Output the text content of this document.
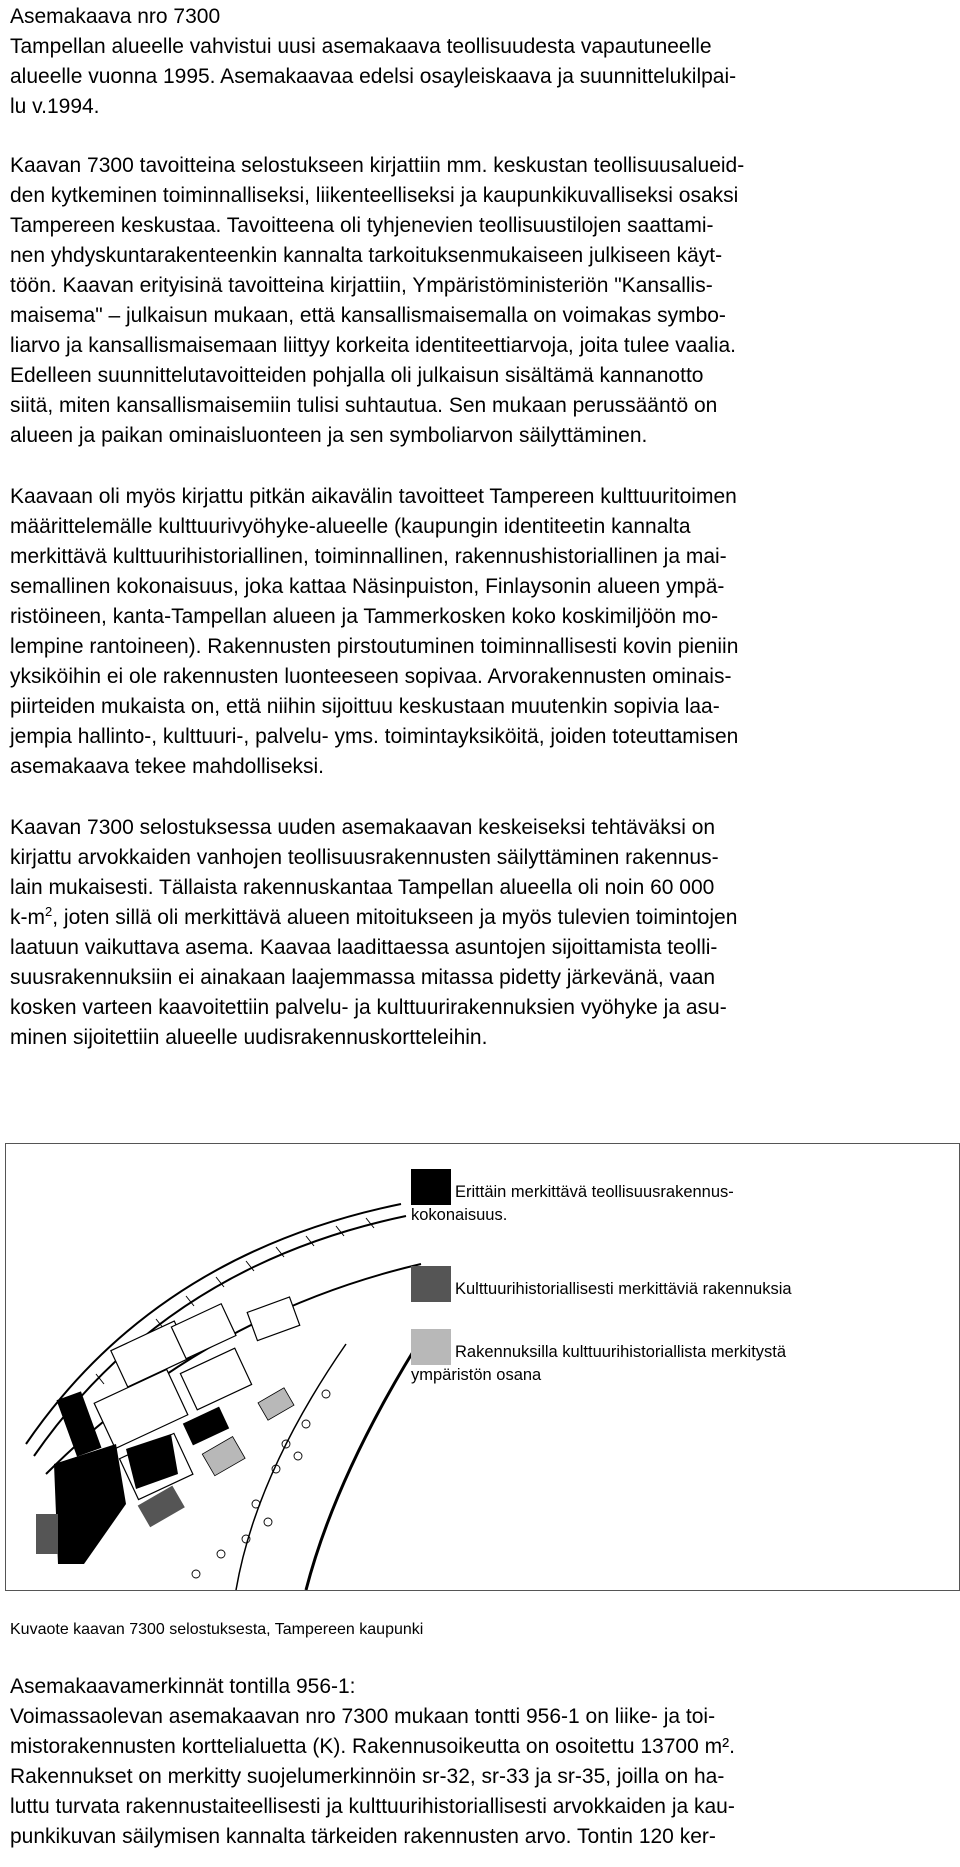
Asemakaava nro 7300

Tampellan alueelle vahvistui uusi asemakaava teollisuudesta vapautuneelle

alueelle vuonna 1995. Asemakaavaa edelsi osayleiskaava ja suunnittelukilpai-

lu v.1994.

Kaavan 7300 tavoitteina selostukseen kirjattiin mm. keskustan teollisuusalueid-

den kytkeminen toiminnalliseksi, liikenteelliseksi ja kaupunkikuvalliseksi osaksi

Tampereen keskustaa. Tavoitteena oli tyhjenevien teollisuustilojen saattami-

nen yhdyskuntarakenteenkin kannalta tarkoituksenmukaiseen julkiseen käyt-

töön. Kaavan erityisinä tavoitteina kirjattiin, Ympäristöministeriön "Kansallis-

maisema" – julkaisun mukaan, että kansallismaisemalla on voimakas symbo-

liarvo ja kansallismaisemaan liittyy korkeita identiteettiarvoja, joita tulee vaalia.

Edelleen suunnittelutavoitteiden pohjalla oli julkaisun sisältämä kannanotto

siitä, miten kansallismaisemiin tulisi suhtautua. Sen mukaan perussääntö on

alueen ja paikan ominaisluonteen ja sen symboliarvon säilyttäminen.

Kaavaan oli myös kirjattu pitkän aikavälin tavoitteet Tampereen kulttuuritoimen

määrittelemälle kulttuurivyöhyke-alueelle (kaupungin identiteetin kannalta

merkittävä kulttuurihistoriallinen, toiminnallinen, rakennushistoriallinen ja mai-

semallinen kokonaisuus, joka kattaa Näsinpuiston, Finlaysonin alueen ympä-

ristöineen, kanta-Tampellan alueen ja Tammerkosken koko koskimiljöön mo-

lempine rantoineen). Rakennusten pirstoutuminen toiminnallisesti kovin pieniin

yksiköihin ei ole rakennusten luonteeseen sopivaa. Arvorakennusten ominais-

piirteiden mukaista on, että niihin sijoittuu keskustaan muutenkin sopivia laa-

jempia hallinto-, kulttuuri-, palvelu- yms. toimintayksiköitä, joiden toteuttamisen

asemakaava tekee mahdolliseksi.

Kaavan 7300 selostuksessa uuden asemakaavan keskeiseksi tehtäväksi on

kirjattu arvokkaiden vanhojen teollisuusrakennusten säilyttäminen rakennus-

lain mukaisesti. Tällaista rakennuskantaa Tampellan alueella oli noin 60 000

$k-m^2$, joten sillä oli merkittävä alueen mitoitukseen ja myös tulevien toimintojen

laatuun vaikuttava asema. Kaavaa laadittaessa asuntojen sijoittamista teolli-

suusrakennuksiin ei ainakaan laajemmassa mitassa pidetty järkevänä, vaan

kosken varteen kaavoitettiin palvelu- ja kulttuurirakennuksien vyöhyke ja asu-

minen sijoitettiin alueelle uudisrakennuskortteleihin.

Erittäin merkittävä teollisuusrakennus-
kokonaisuus.
Kulttuurihistoriallisesti merkittäviä rakennuksia
Rakennuksilla kulttuurihistoriallista merkitystä
ympäristön osana

Kuvaote kaavan 7300 selostuksesta, Tampereen kaupunki

Asemakaavamerkinnät tontilla 956-1:

Voimassaolevan asemakaavan nro 7300 mukaan tontti 956-1 on liike- ja toi-

mistorakennusten korttelialuetta (K). Rakennusoikeutta on osoitettu 13700 m².

Rakennukset on merkitty suojelumerkinnöin sr-32, sr-33 ja sr-35, joilla on ha-

luttu turvata rakennustaiteellisesti ja kulttuurihistoriallisesti arvokkaiden ja kau-

punkikuvan säilymisen kannalta tärkeiden rakennusten arvo. Tontin 120 ker-
